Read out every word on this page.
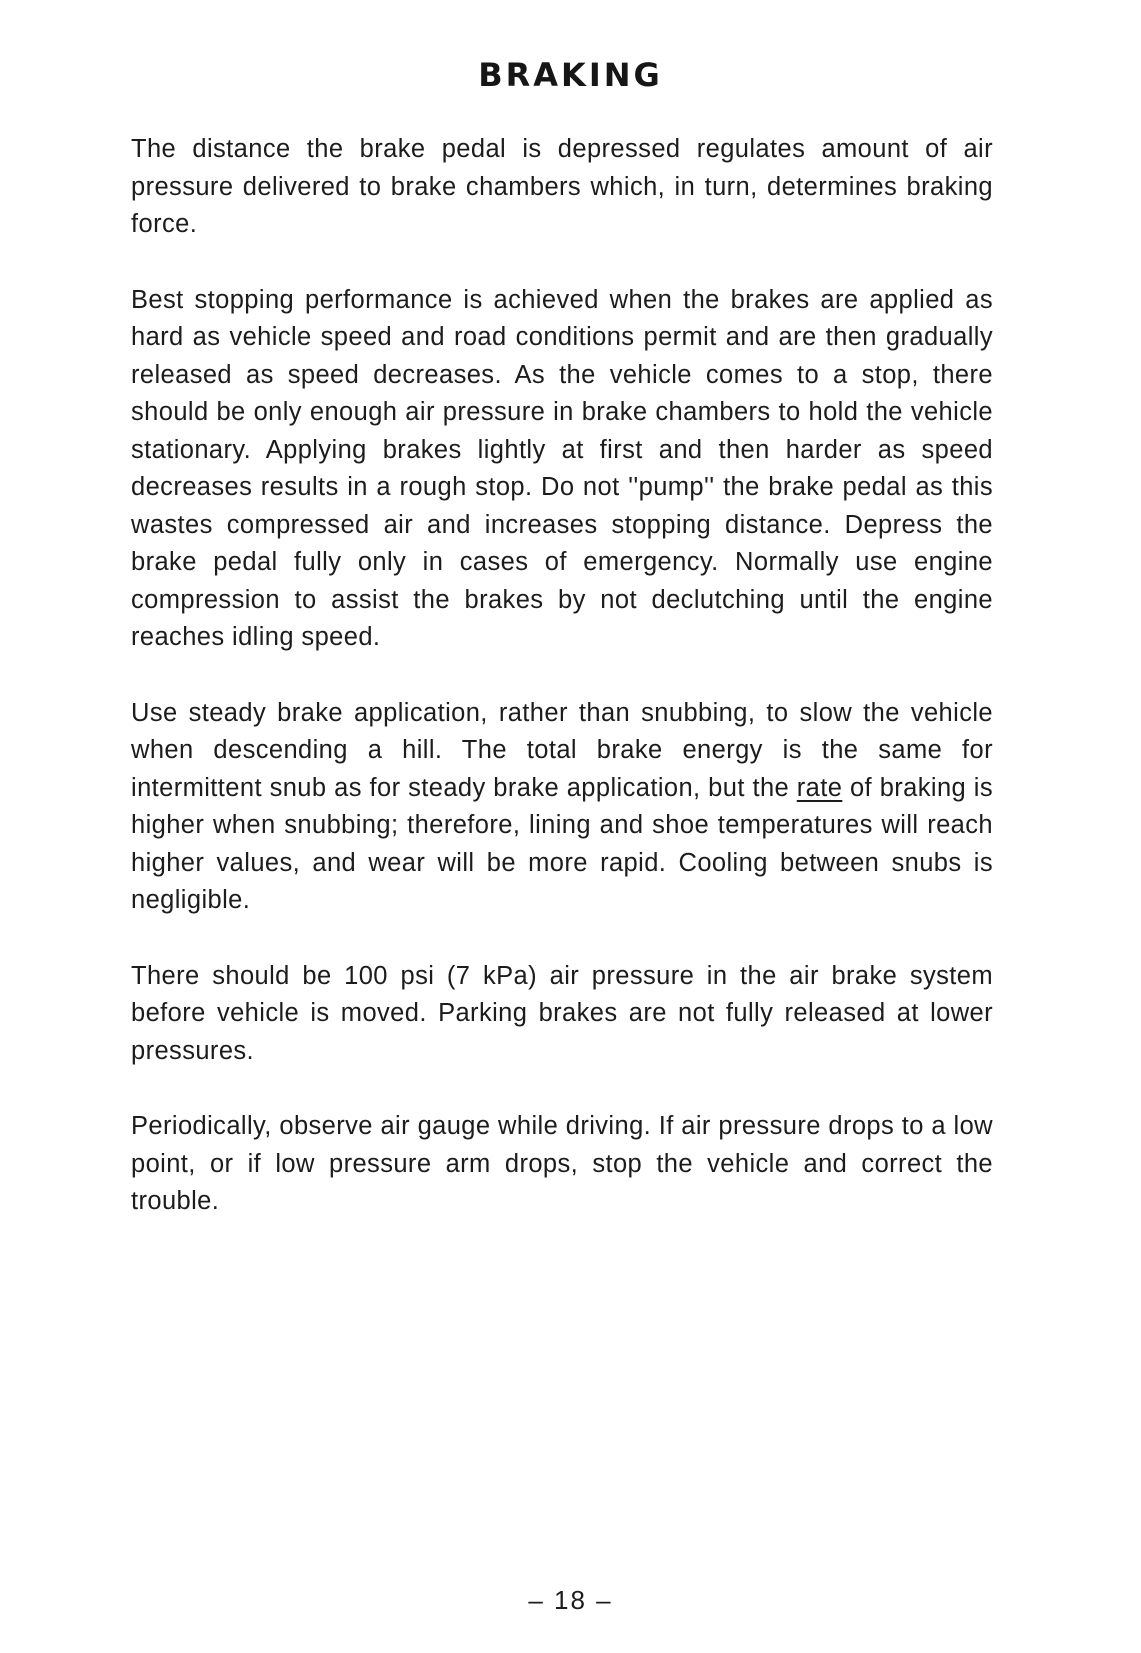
BRAKING

The distance the brake pedal is depressed regulates amount of air pressure delivered to brake chambers which, in turn, determines braking force.

Best stopping performance is achieved when the brakes are applied as hard as vehicle speed and road conditions permit and are then gradually released as speed decreases. As the vehicle comes to a stop, there should be only enough air pressure in brake chambers to hold the vehicle stationary. Applying brakes lightly at first and then harder as speed decreases results in a rough stop. Do not ''pump'' the brake pedal as this wastes compressed air and increases stopping distance. Depress the brake pedal fully only in cases of emergency. Normally use engine compression to assist the brakes by not declutching until the engine reaches idling speed.

Use steady brake application, rather than snubbing, to slow the vehicle when descending a hill. The total brake energy is the same for intermittent snub as for steady brake application, but the rate of braking is higher when snubbing; therefore, lining and shoe temperatures will reach higher values, and wear will be more rapid. Cooling between snubs is negligible.

There should be 100 psi (7 kPa) air pressure in the air brake system before vehicle is moved. Parking brakes are not fully released at lower pressures.

Periodically, observe air gauge while driving. If air pressure drops to a low point, or if low pressure arm drops, stop the vehicle and correct the trouble.

– 18 –
